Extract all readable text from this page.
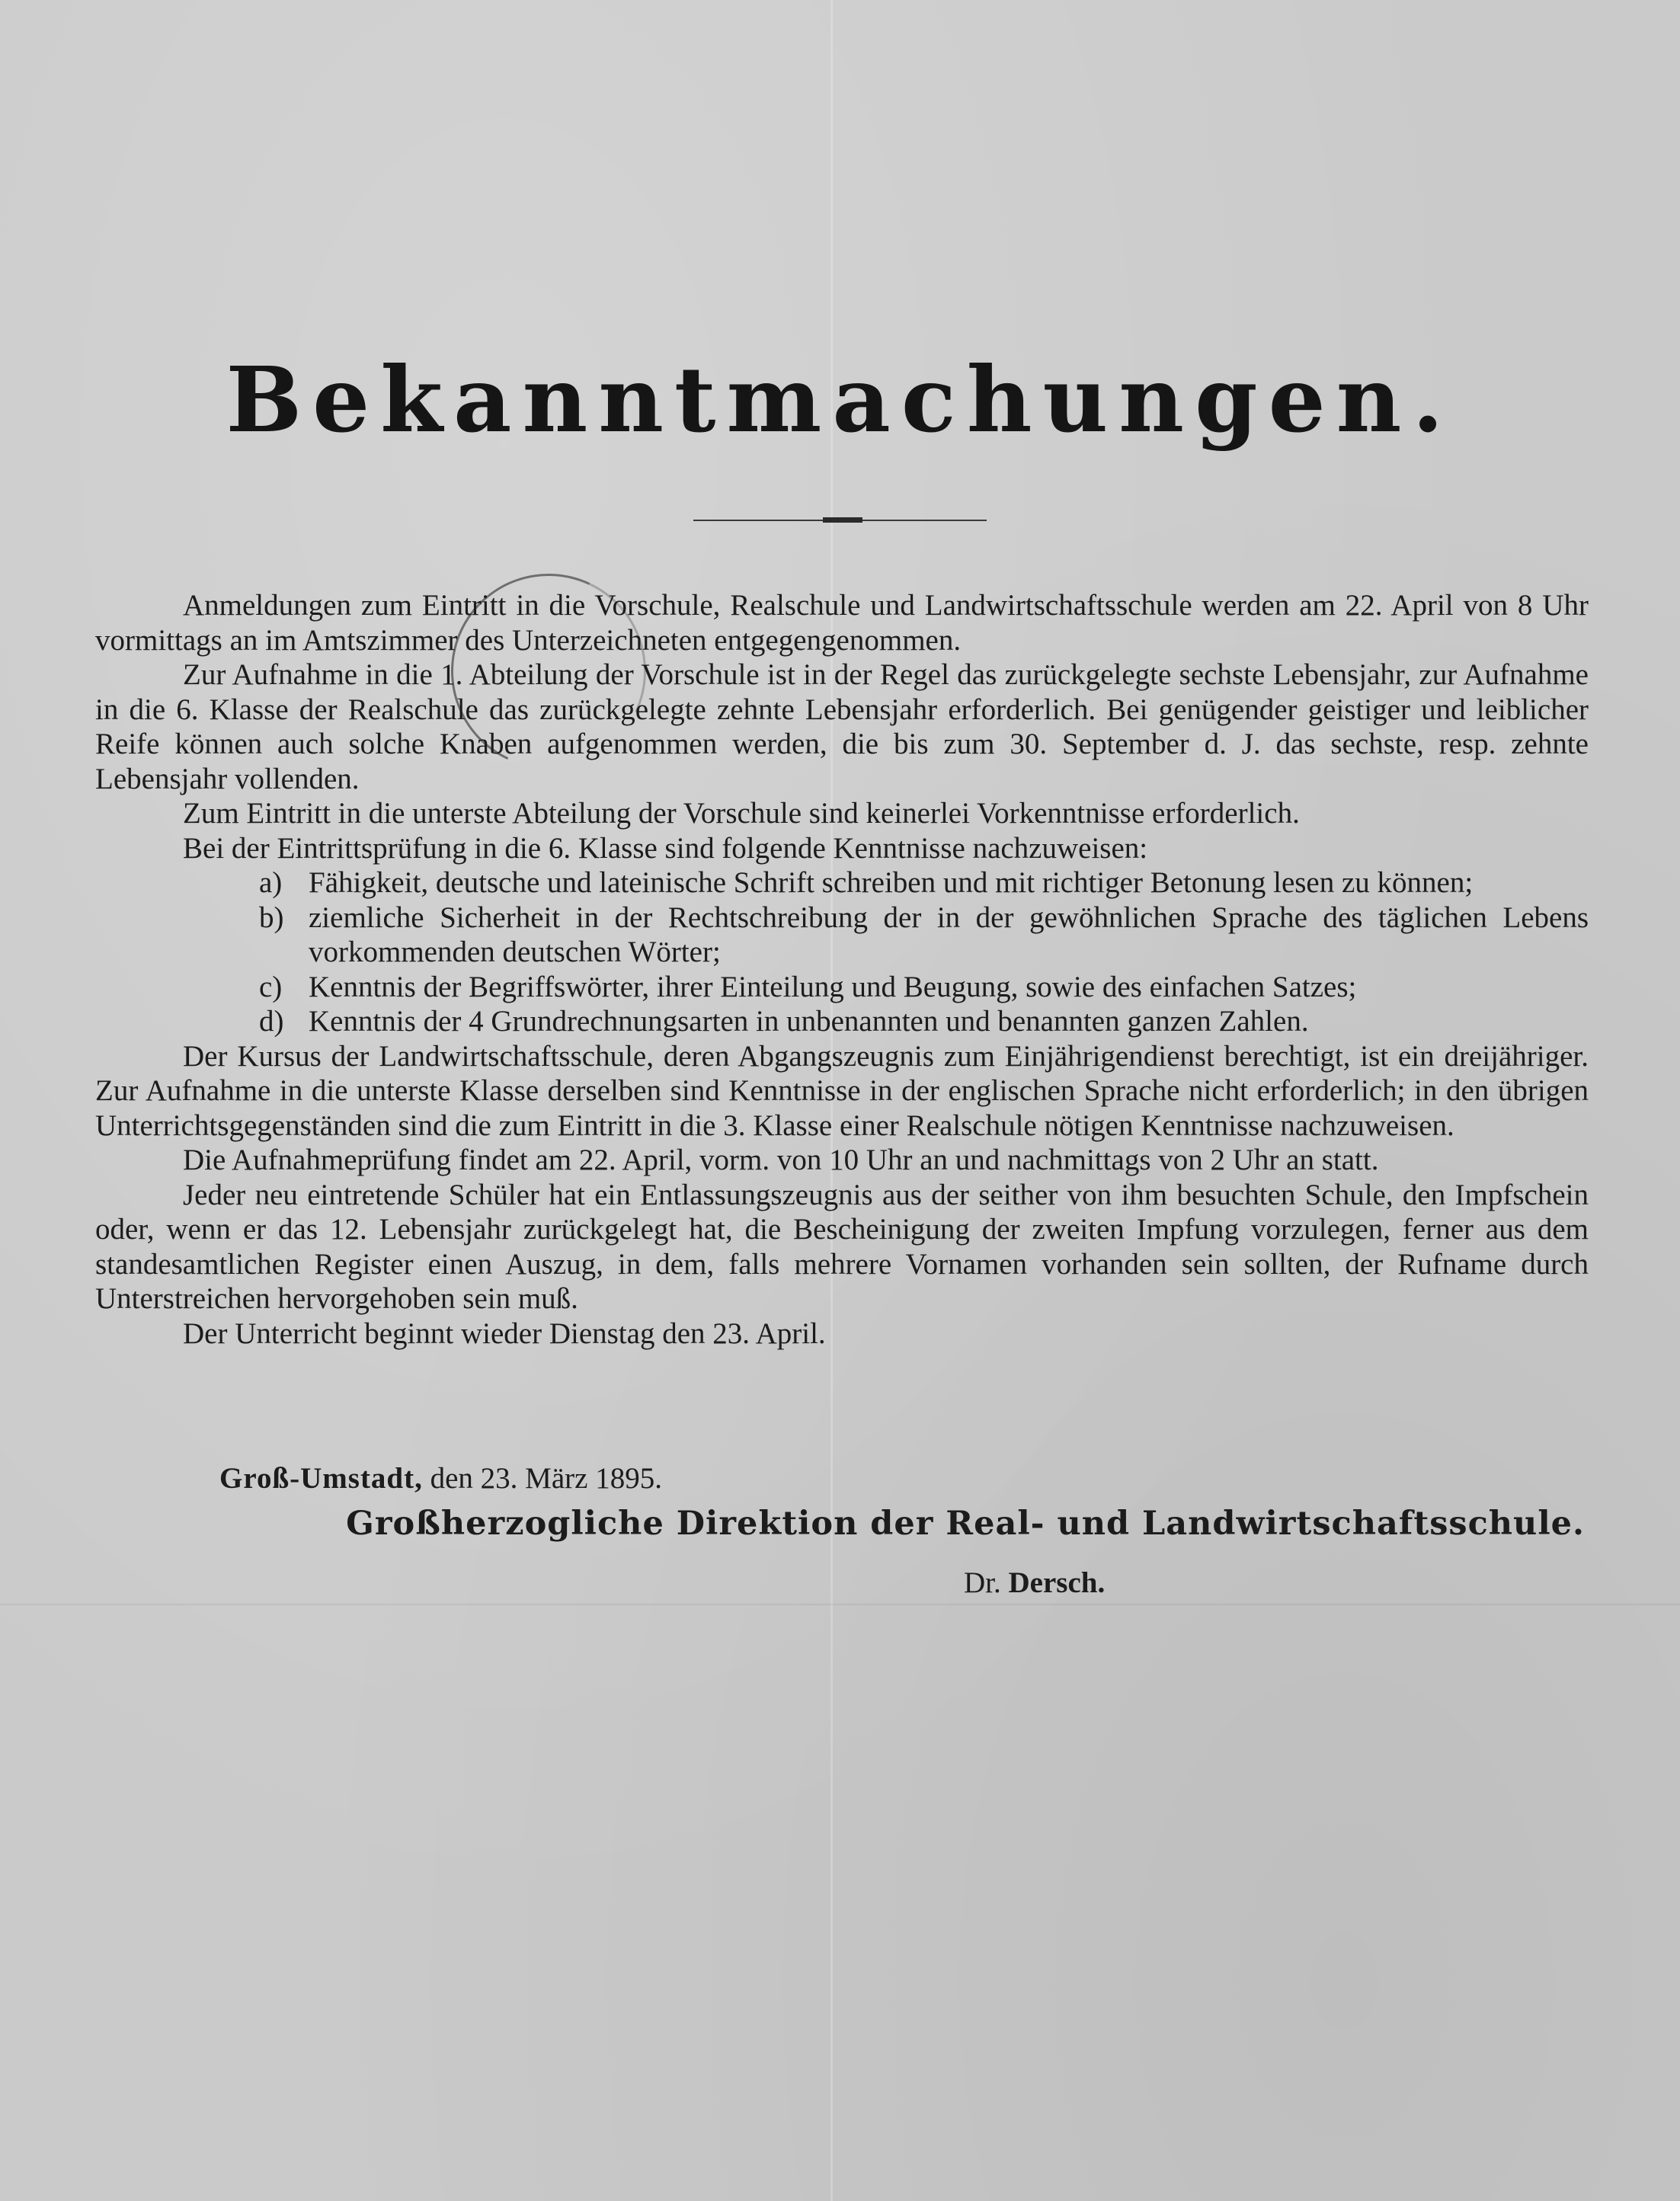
Bekanntmachungen.

Anmeldungen zum Eintritt in die Vorschule, Realschule und Landwirtschaftsschule werden am 22. April von 8 Uhr vormittags an im Amtszimmer des Unterzeichneten entgegengenommen.

Zur Aufnahme in die 1. Abteilung der Vorschule ist in der Regel das zurückgelegte sechste Lebensjahr, zur Aufnahme in die 6. Klasse der Realschule das zurückgelegte zehnte Lebensjahr erforderlich. Bei genügender geistiger und leiblicher Reife können auch solche Knaben aufgenommen werden, die bis zum 30. September d. J. das sechste, resp. zehnte Lebensjahr vollenden.

Zum Eintritt in die unterste Abteilung der Vorschule sind keinerlei Vorkenntnisse erforderlich.

Bei der Eintrittsprüfung in die 6. Klasse sind folgende Kenntnisse nachzuweisen:

a) Fähigkeit, deutsche und lateinische Schrift schreiben und mit richtiger Betonung lesen zu können;

b) ziemliche Sicherheit in der Rechtschreibung der in der gewöhnlichen Sprache des täglichen Lebens vorkommenden deutschen Wörter;

c) Kenntnis der Begriffswörter, ihrer Einteilung und Beugung, sowie des einfachen Satzes;

d) Kenntnis der 4 Grundrechnungsarten in unbenannten und benannten ganzen Zahlen.

Der Kursus der Landwirtschaftsschule, deren Abgangszeugnis zum Einjährigendienst berechtigt, ist ein dreijähriger. Zur Aufnahme in die unterste Klasse derselben sind Kenntnisse in der englischen Sprache nicht erforderlich; in den übrigen Unterrichtsgegenständen sind die zum Eintritt in die 3. Klasse einer Realschule nötigen Kenntnisse nachzuweisen.

Die Aufnahmeprüfung findet am 22. April, vorm. von 10 Uhr an und nachmittags von 2 Uhr an statt.

Jeder neu eintretende Schüler hat ein Entlassungszeugnis aus der seither von ihm besuchten Schule, den Impfschein oder, wenn er das 12. Lebensjahr zurückgelegt hat, die Bescheinigung der zweiten Impfung vorzulegen, ferner aus dem standesamtlichen Register einen Auszug, in dem, falls mehrere Vornamen vorhanden sein sollten, der Rufname durch Unterstreichen hervorgehoben sein muß.

Der Unterricht beginnt wieder Dienstag den 23. April.

Groß-Umstadt, den 23. März 1895.
Großherzogliche Direktion der Real- und Landwirtschaftsschule.
Dr. Dersch.
